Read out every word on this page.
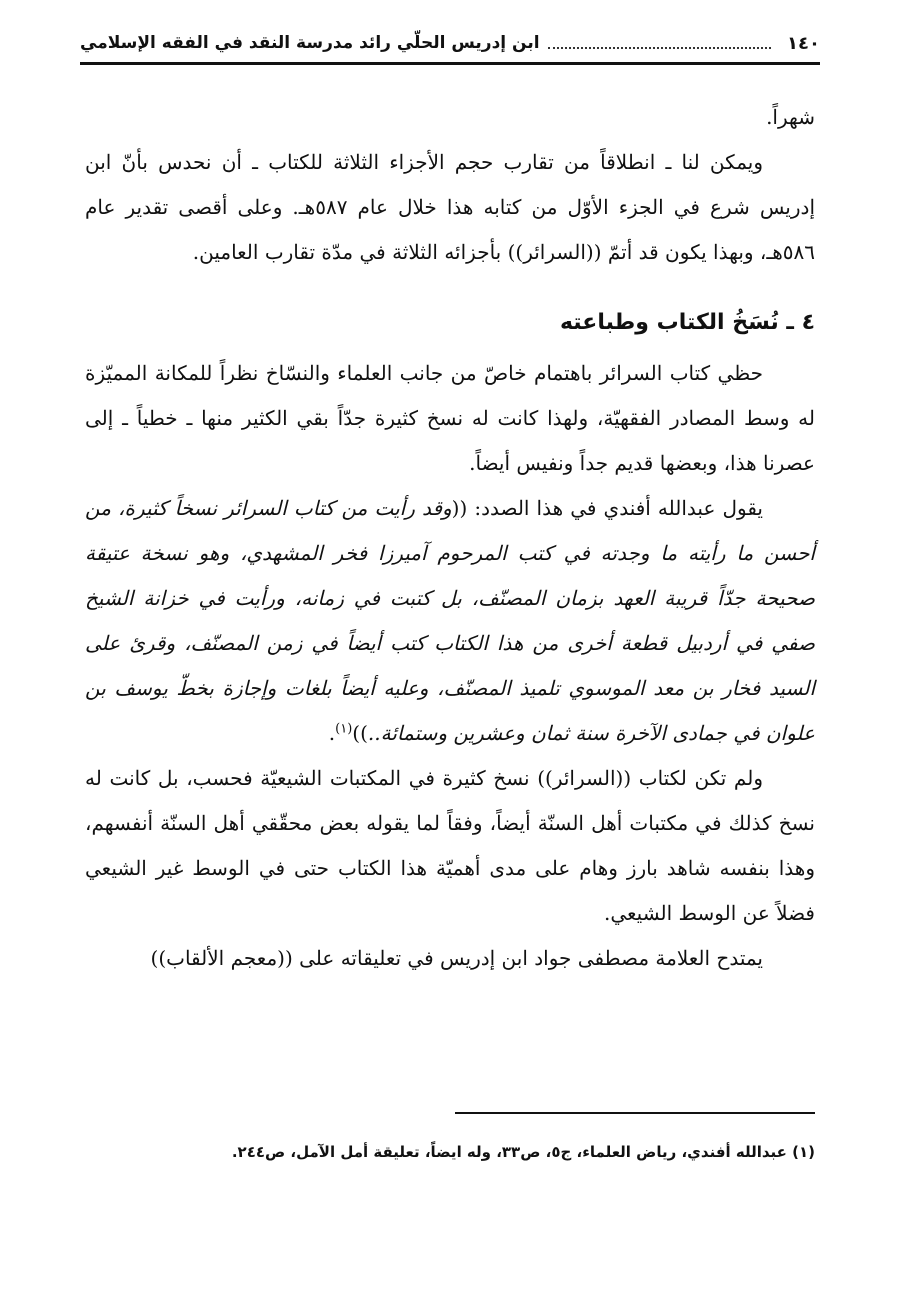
١٤٠
ابن إدريس الحلّي رائد مدرسة النقد في الفقه الإسلامي

شهراً.

ويمكن لنا ـ انطلاقاً من تقارب حجم الأجزاء الثلاثة للكتاب ـ أن نحدس بأنّ ابن إدريس شرع في الجزء الأوّل من كتابه هذا خلال عام ٥٨٧هـ. وعلى أقصى تقدير عام ٥٨٦هـ، وبهذا يكون قد أتمّ ((السرائر)) بأجزائه الثلاثة في مدّة تقارب العامين.

٤ ـ نُسَخُ الكتاب وطباعته

حظي كتاب السرائر باهتمام خاصّ من جانب العلماء والنسّاخ نظراً للمكانة المميّزة له وسط المصادر الفقهيّة، ولهذا كانت له نسخ كثيرة جدّاً بقي الكثير منها ـ خطياً ـ إلى عصرنا هذا، وبعضها قديم جداً ونفيس أيضاً.

يقول عبدالله أفندي في هذا الصدد: ((وقد رأيت من كتاب السرائر نسخاً كثيرة، من أحسن ما رأيته ما وجدته في كتب المرحوم آميرزا فخر المشهدي، وهو نسخة عتيقة صحيحة جدّاً قريبة العهد بزمان المصنّف، بل كتبت في زمانه، ورأيت في خزانة الشيخ صفي في أردبيل قطعة أخرى من هذا الكتاب كتب أيضاً في زمن المصنّف، وقرئ على السيد فخار بن معد الموسوي تلميذ المصنّف، وعليه أيضاً بلغات وإجازة بخطّ يوسف بن علوان في جمادى الآخرة سنة ثمان وعشرين وستمائة..))$^{(١)}$.

ولم تكن لكتاب ((السرائر)) نسخ كثيرة في المكتبات الشيعيّة فحسب، بل كانت له نسخ كذلك في مكتبات أهل السنّة أيضاً، وفقاً لما يقوله بعض محقّقي أهل السنّة أنفسهم، وهذا بنفسه شاهد بارز وهام على مدى أهميّة هذا الكتاب حتى في الوسط غير الشيعي فضلاً عن الوسط الشيعي.

يمتدح العلامة مصطفى جواد ابن إدريس في تعليقاته على ((معجم الألقاب))

(١) عبدالله أفندي، رياض العلماء، ج٥، ص٣٣، وله ايضاً، تعليقة أمل الآمل، ص٢٤٤.
